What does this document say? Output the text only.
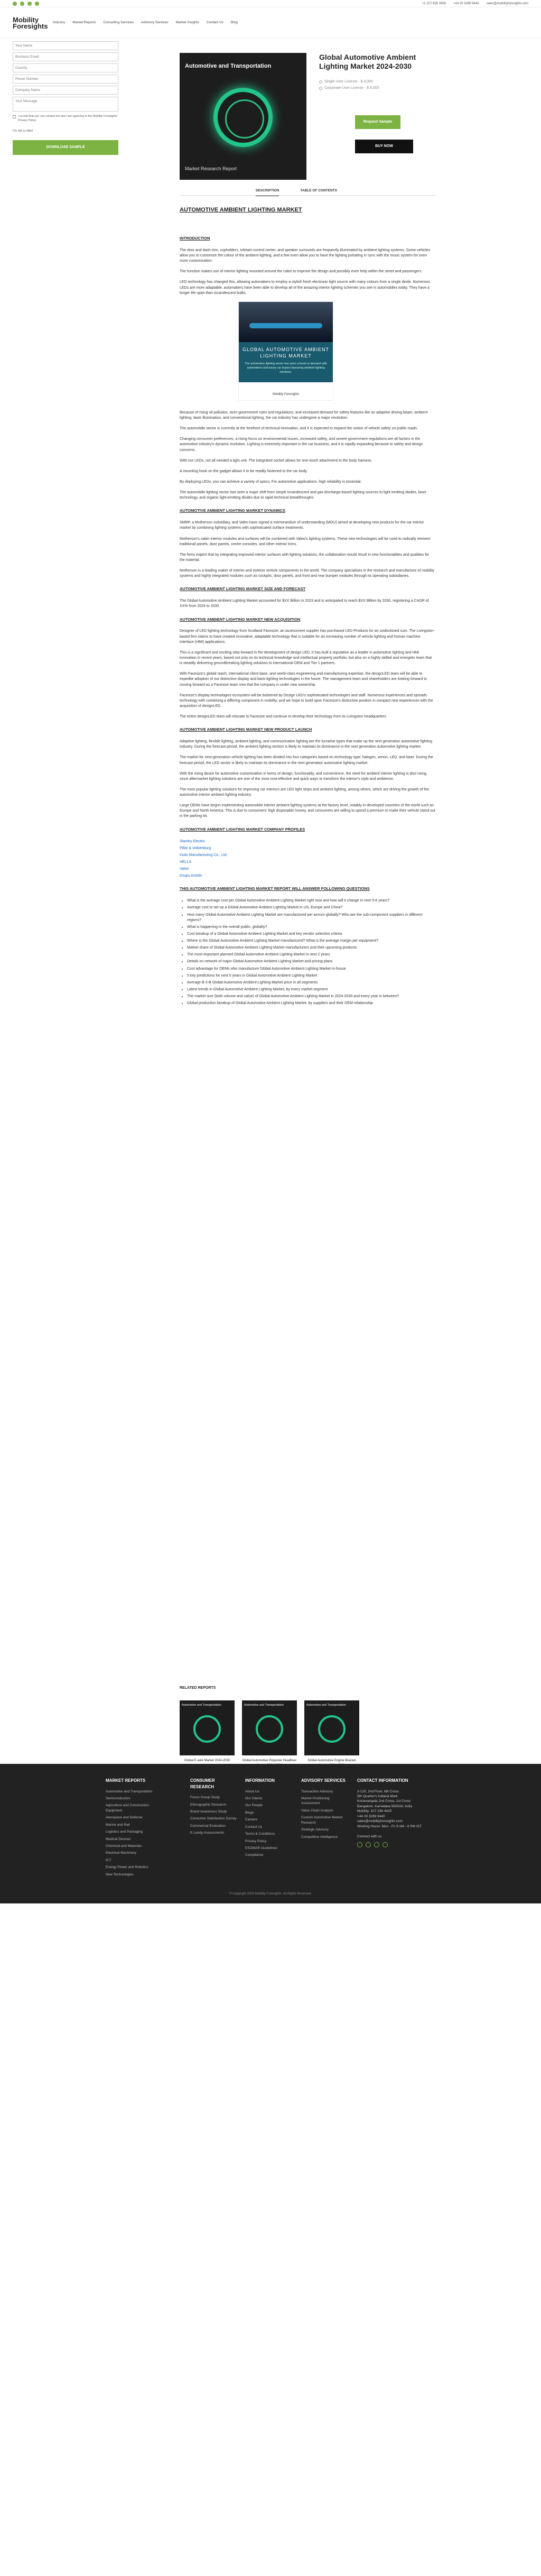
+1 217 636 3356 +44 20 3289 9440 sales@mobilityforesights.com
Mobility
Foresights Industry Market Reports Consulting Services Advisory Services Market Insights Contact Us Blog
Your Name
Business Email
Country
Phone Number
Company Name
Your Message
I accept that you can contact me and I am agreeing to the Mobility Foresights' Privacy Policy
I'm not a robot
DOWNLOAD SAMPLE
Automotive and Transportation
Market Research Report
Global Automotive Ambient
Lighting Market 2024-2030
Single User License - $ 4,000
Corporate User License - $ 6,000
Request Sample
BUY NOW
DESCRIPTION	TABLE OF CONTENTS
AUTOMOTIVE AMBIENT LIGHTING MARKET
INTRODUCTION

The door and dash trim, cupholders, infotain-control center, and speaker surrounds are frequently illuminated by ambient lighting systems. Some vehicles allow you to customize the colour of the ambient lighting, and a few even allow you to have the lighting pulsating in sync with the music system for even more customization.

The function makes use of interior lighting mounted around the cabin to improve the design and possibly even help within the street and passengers.

LED technology has changed this, allowing automakers to employ a stylish fresh electronic light source with many colours from a single diode. Numerous LEDs are more adaptable, automakers have been able to develop all of the amazing interior lighting schemes you see in automobiles today. They have a longer life span than incandescent bulbs.

GLOBAL AUTOMOTIVE AMBIENT LIGHTING MARKET
The automotive lighting sector has seen a boom in demand with automakers and luxury car buyers favouring ambient lighting solutions.
Mobility Foresights

Because of rising oil pollution, strict government rules and regulations, and increased demand for safety features like as adaptive driving beam, ambient lighting, laser illumination, and conventional lighting, the car industry has undergone a major revolution.

The automobile sector is currently at the forefront of technical innovation, and it is expected to expand the notion of vehicle safety on public roads.

Changing consumer preferences, a rising focus on environmental issues, increased safety, and severe government regulations are all factors in the automotive industry's dynamic evolution. Lighting is extremely important in the car business, and it is rapidly expanding because to safety and design concerns.

With our LEDs, not all needed a light unit. The integrated socket allows for one-touch attachment to the body harness.

A mounting hook on the gadget allows it to be readily fastened to the car body.

By deploying LEDs, you can achieve a variety of specs. For automotive applications, high reliability is essential.

The automobile lighting sector has seen a major shift from simple incandescent and gas discharge-based lighting sources to light emitting diodes, laser technology, and organic light-emitting diodes due to rapid technical breakthroughs.

AUTOMOTIVE AMBIENT LIGHTING MARKET DYNAMICS

SMRP, a Motherson subsidiary, and Valeo have signed a memorandum of understanding (MOU) aimed at developing new products for the car interior market by combining lighting systems with sophisticated surface treatments.

Motherson's cabin interior modules and surfaces will be combined with Valeo's lighting systems. These new technologies will be used to radically reinvent traditional panels, door panels, centre consoles, and other interior trims.

The firms expect that by integrating improved interior surfaces with lighting solutions, the collaboration would result in new functionalities and qualities for the material.

Motherson is a leading maker of interior and exterior vehicle components in the world. The company specialises in the research and manufacture of mobility systems and highly integrated modules such as cockpits, door panels, and front and rear bumper modules through its operating subsidiaries.

AUTOMOTIVE AMBIENT LIGHTING MARKET SIZE AND FORECAST

The Global Automotive Ambient Lighting Market accounted for $XX Billion in 2023 and is anticipated to reach $XX Billion by 2030, registering a CAGR of XX% from 2024 to 2030.

AUTOMOTIVE AMBIENT LIGHTING MARKET NEW ACQUISITION

Designer of LED lighting technology from Scotland Facesize, an assessment supplier has purchased LED Products for an undisclosed sum. The Livingston-based firm claims to have created innovative, adaptable technology that is suitable for an increasing number of vehicle lighting and human machine interface (HMI) applications.

This is a significant and exciting step forward in the development of design LED. It has built a reputation as a leader in automotive lighting and HMI innovation in recent years, based not only on its technical knowledge and intellectual property portfolio, but also on a highly skilled and energetic team that is steadily delivering groundbreaking lighting solutions to international OEM and Tier 1 partners.

With Facesize's global reach, international client base, and world-class engineering and manufacturing expertise, the designLED team will be able to expedite adoption of our distinctive display and back-lighting technologies in the future. The management team and shareholders are looking forward to moving forward as a Facesize team now that the company is under new ownership.

Facesize's display technologies ecosystem will be bolstered by Design LED's sophisticated technologies and staff. Numerous experiences and spreads technology with combining a differing component in mobility, and we hope to build upon Facesize's distinctive position in compact new experiences with the acquisition of designLED.

The entire designLED team will relocate to Facesize and continue to develop their technology from its Livingston headquarters.

AUTOMOTIVE AMBIENT LIGHTING MARKET NEW PRODUCT LAUNCH

Adaptive lighting, flexible lighting, ambient lighting, and communication lighting are the lucrative types that make up the next generation automotive lighting industry. During the forecast period, the ambient lighting section is likely to maintain its dominance in the next generation automotive lighting market.

The market for next-generation vehicle lighting has been divided into four categories based on technology type: halogen, xenon, LED, and laser. During the forecast period, the LED sector is likely to maintain its dominance in the next generation automotive lighting market.

With the rising desire for automotive customisation in terms of design, functionality, and convenience, the need for ambient interior lighting is also rising, since aftermarket lighting solutions are one of the most cost-effective and quick ways to transform the interior's style and ambience.

The most popular lighting solutions for improving car interiors are LED light strips and ambient lighting, among others, which are driving the growth of the automotive interior ambient lighting industry.

Large OEMs have begun implementing automobile interior ambient lighting systems at the factory level, notably in developed countries of the world such as Europe and North America. This is due to consumers' high disposable money, and consumers are willing to spend a premium to make their vehicle stand out in the parking lot.

AUTOMOTIVE AMBIENT LIGHTING MARKET COMPANY PROFILES
Stanley Electric
Pillar & Volkenburg
Koito Manufacturing Co., Ltd
HELLA
Valeo
Grupo Antolin
THIS AUTOMOTIVE AMBIENT LIGHTING MARKET REPORT WILL ANSWER FOLLOWING QUESTIONS
• What is the average cost per Global Automotive Ambient Lighting Market right now and how will it change in next 5-6 years?
• Average cost to set up a Global Automotive Ambient Lighting Market in US, Europe and China?
• How many Global Automotive Ambient Lighting Market are manufactured per annum globally? Who are the sub-component suppliers in different regions?
• What is happening in the overall public, globally?
• Cost breakup of a Global Automotive Ambient Lighting Market and key vendor selection criteria
• Where is the Global Automotive Ambient Lighting Market manufactured? What is the average margin per equipment?
• Market share of Global Automotive Ambient Lighting Market manufacturers and their upcoming products
• The most important planned Global Automotive Ambient Lighting Market in next 2 years
• Details on network of major Global Automotive Ambient Lighting Market and pricing plans
• Cost advantage for OEMs who manufacture Global Automotive Ambient Lighting Market in-house
• 5 key predictions for next 5 years in Global Automotive Ambient Lighting Market
• Average B-2-B Global Automotive Ambient Lighting Market price in all segments
• Latest trends in Global Automotive Ambient Lighting Market, by every market segment
• The market size (both volume and value) of Global Automotive Ambient Lighting Market in 2024-2030 and every year in between?
• Global production breakup of Global Automotive Ambient Lighting Market, by suppliers and their OEM relationship
RELATED REPORTS
Automotive and Transportation
Global E-axle Market 2024-2030
Automotive and Transportation
Global Automotive Polyester Headliner
Automotive and Transportation
Global Automotive Engine Bracket
MARKET REPORTS
Automotive and Transportation
Semiconductors
Agriculture and Construction Equipment
Aerospace and Defense
Marine and Rail
Logistics and Packaging
Medical Devices
Chemical and Materials
Electrical Machinery
ICT
Energy Power and Robotics
New Technologies
CONSUMER RESEARCH
Focus Group Study
Ethnographic Research
Brand Awareness Study
Consumer Satisfaction Survey
Commercial Evaluation
E-Landy Assessments
INFORMATION
About Us
Our Clients
Our People
Blogs
Careers
Contact Us
Terms & Conditions
Privacy Policy
ESOMAR Guidelines
Compliance
ADVISORY SERVICES
Transaction Advisory
Market Positioning Assessment
Value Chain Analysis
Custom Automotive Market Research
Strategic Advisory
Competitive Intelligence
CONTACT INFORMATION
2-120, 2nd Floor, 6th Cross
5th Quarter's Indiana Mark
Koramangala 2nd Cross, 1st Cross
Bangalore, Karnataka 560034, India
Mobility: 317 236 4425
+44 20 3289 9440
sales@mobilityforesights.com
Working Hours: Mon - Fri 9 AM - 6 PM IST
Connect with us
© Copyright 2024 Mobility Foresights. All Rights Reserved.
